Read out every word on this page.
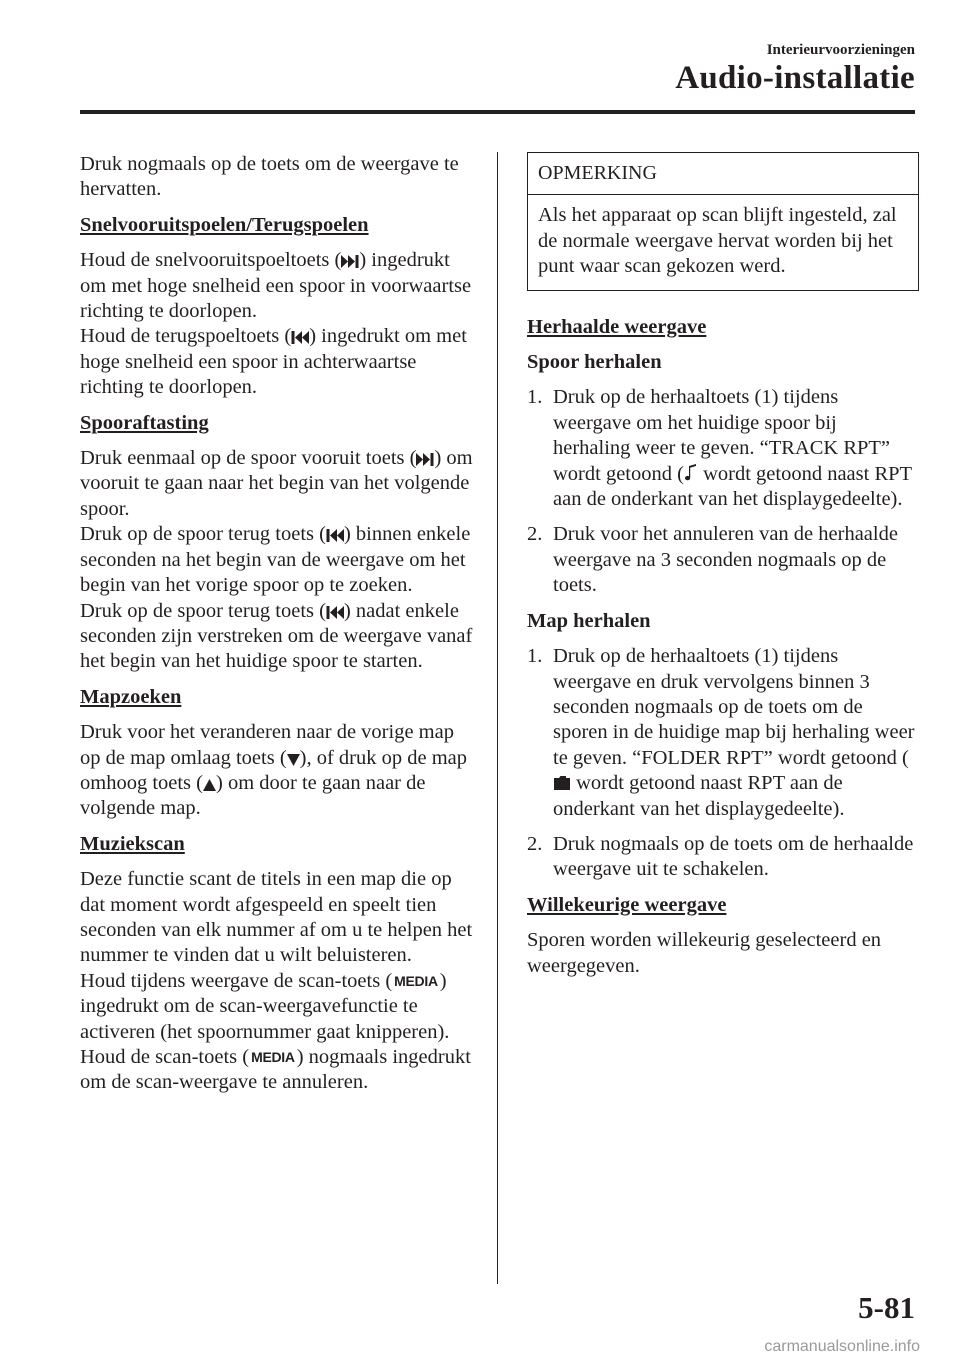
Interieurvoorzieningen
Audio-installatie

Druk nogmaals op de toets om de weergave te hervatten.

Snelvooruitspoelen/Terugspoelen

Houd de snelvooruitspoeltoets ( ) ingedrukt om met hoge snelheid een spoor in voorwaartse richting te doorlopen.
Houd de terugspoeltoets ( ) ingedrukt om met hoge snelheid een spoor in achterwaartse richting te doorlopen.

Spooraftasting

Druk eenmaal op de spoor vooruit toets ( ) om vooruit te gaan naar het begin van het volgende spoor.
Druk op de spoor terug toets ( ) binnen enkele seconden na het begin van de weergave om het begin van het vorige spoor op te zoeken.
Druk op de spoor terug toets ( ) nadat enkele seconden zijn verstreken om de weergave vanaf het begin van het huidige spoor te starten.

Mapzoeken

Druk voor het veranderen naar de vorige map op de map omlaag toets ( ), of druk op de map omhoog toets ( ) om door te gaan naar de volgende map.

Muziekscan

Deze functie scant de titels in een map die op dat moment wordt afgespeeld en speelt tien seconden van elk nummer af om u te helpen het nummer te vinden dat u wilt beluisteren.

Houd tijdens weergave de scan-toets ( MEDIA) ingedrukt om de scan-weergavefunctie te activeren (het spoornummer gaat knipperen). Houd de scan-toets ( MEDIA) nogmaals ingedrukt om de scan-weergave te annuleren.

OPMERKING
Als het apparaat op scan blijft ingesteld, zal de normale weergave hervat worden bij het punt waar scan gekozen werd.
Herhaalde weergave
Spoor herhalen
1. Druk op de herhaaltoets (1) tijdens weergave om het huidige spoor bij herhaling weer te geven. “TRACK RPT” wordt getoond ( wordt getoond naast RPT aan de onderkant van het displaygedeelte).
2. Druk voor het annuleren van de herhaalde weergave na 3 seconden nogmaals op de toets.
Map herhalen
1. Druk op de herhaaltoets (1) tijdens weergave en druk vervolgens binnen 3 seconden nogmaals op de toets om de sporen in de huidige map bij herhaling weer te geven. “FOLDER RPT” wordt getoond ( wordt getoond naast RPT aan de onderkant van het displaygedeelte).
2. Druk nogmaals op de toets om de herhaalde weergave uit te schakelen.
Willekeurige weergave

Sporen worden willekeurig geselecteerd en weergegeven.

5-81
carmanualsonline.info
